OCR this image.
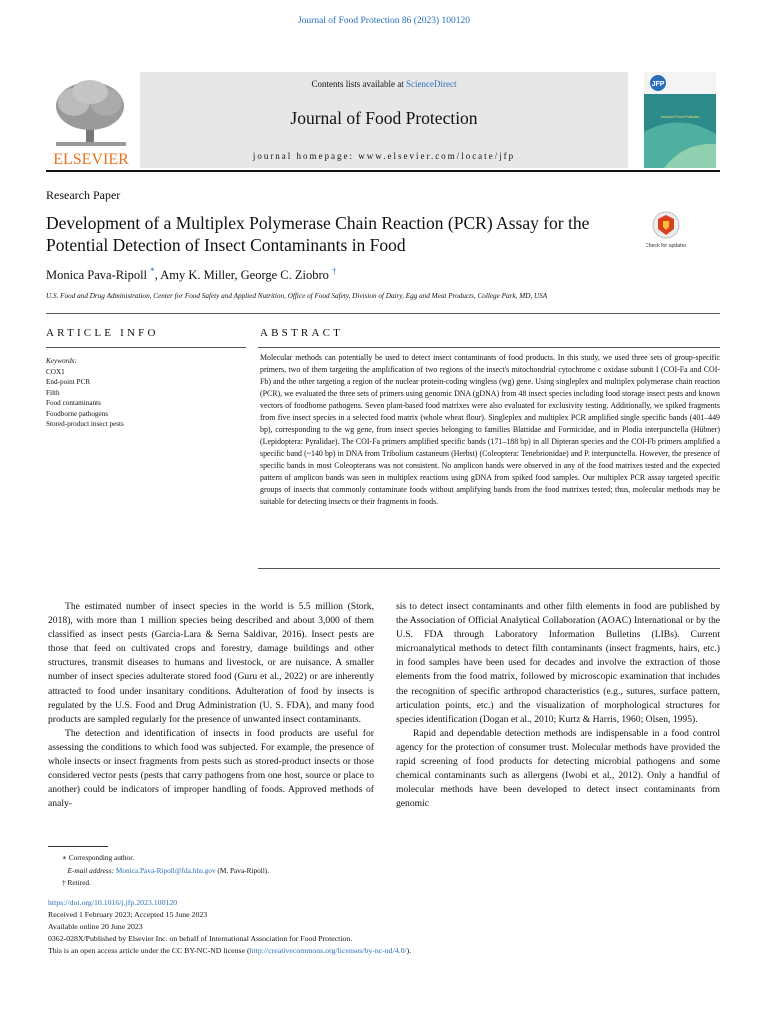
Journal of Food Protection 86 (2023) 100120
ELSEVIER
Contents lists available at ScienceDirect
Journal of Food Protection
journal homepage: www.elsevier.com/locate/jfp
JFP
Journal of Food Protection
Research Paper
Development of a Multiplex Polymerase Chain Reaction (PCR) Assay for the Potential Detection of Insect Contaminants in Food	Check for updates
Monica Pava-Ripoll *, Amy K. Miller, George C. Ziobro †
U.S. Food and Drug Administration, Center for Food Safety and Applied Nutrition, Office of Food Safety, Division of Dairy, Egg and Meat Products, College Park, MD, USA
ARTICLE INFO	ABSTRACT
Keywords:
COX1
End-point PCR
Filth
Food contaminants
Foodborne pathogens
Stored-product insect pests
Molecular methods can potentially be used to detect insect contaminants of food products. In this study, we used three sets of group-specific primers, two of them targeting the amplification of two regions of the insect's mitochondrial cytochrome c oxidase subunit I (COI-Fa and COI-Fb) and the other targeting a region of the nuclear protein-coding wingless (wg) gene. Using singleplex and multiplex polymerase chain reaction (PCR), we evaluated the three sets of primers using genomic DNA (gDNA) from 48 insect species including food storage insect pests and known vectors of foodborne pathogens. Seven plant-based food matrixes were also evaluated for exclusivity testing. Additionally, we spiked fragments from five insect species in a selected food matrix (whole wheat flour). Singleplex and multiplex PCR amplified single specific bands (401–449 bp), corresponding to the wg gene, from insect species belonging to families Blattidae and Formicidae, and in Plodia interpunctella (Hübner) (Lepidoptera: Pyralidae). The COI-Fa primers amplified specific bands (171–188 bp) in all Dipteran species and the COI-Fb primers amplified a specific band (~140 bp) in DNA from Tribolium castaneum (Herbst) (Coleoptera: Tenebrionidae) and P. interpunctella. However, the presence of specific bands in most Coleopterans was not consistent. No amplicon bands were observed in any of the food matrixes tested and the expected pattern of amplicon bands was seen in multiplex reactions using gDNA from spiked food samples. Our multiplex PCR assay targeted specific groups of insects that commonly contaminate foods without amplifying bands from the food matrixes tested; thus, molecular methods may be suitable for detecting insects or their fragments in foods.

The estimated number of insect species in the world is 5.5 million (Stork, 2018), with more than 1 million species being described and about 3,000 of them classified as insect pests (Garcia-Lara & Serna Saldivar, 2016). Insect pests are those that feed on cultivated crops and forestry, damage buildings and other structures, transmit diseases to humans and livestock, or are nuisance. A smaller number of insect species adulterate stored food (Guru et al., 2022) or are inherently attracted to food under insanitary conditions. Adulteration of food by insects is regulated by the U.S. Food and Drug Administration (U. S. FDA), and many food products are sampled regularly for the presence of unwanted insect contaminants.

The detection and identification of insects in food products are useful for assessing the conditions to which food was subjected. For example, the presence of whole insects or insect fragments from pests such as stored-product insects or those considered vector pests (pests that carry pathogens from one host, source or place to another) could be indicators of improper handling of foods. Approved methods of analy-

sis to detect insect contaminants and other filth elements in food are published by the Association of Official Analytical Collaboration (AOAC) International or by the U.S. FDA through Laboratory Information Bulletins (LIBs). Current microanalytical methods to detect filth contaminants (insect fragments, hairs, etc.) in food samples have been used for decades and involve the extraction of those elements from the food matrix, followed by microscopic examination that includes the recognition of specific arthropod characteristics (e.g., sutures, surface pattern, articulation points, etc.) and the visualization of morphological structures for species identification (Dogan et al., 2010; Kurtz & Harris, 1960; Olsen, 1995).

Rapid and dependable detection methods are indispensable in a food control agency for the protection of consumer trust. Molecular methods have provided the rapid screening of food products for detecting microbial pathogens and some chemical contaminants such as allergens (Iwobi et al., 2012). Only a handful of molecular methods have been developed to detect insect contaminants from genomic

∗ Corresponding author.
E-mail address: Monica.Pava-Ripoll@fda.hhs.gov (M. Pava-Ripoll).
† Retired.
https://doi.org/10.1016/j.jfp.2023.100120
Received 1 February 2023; Accepted 15 June 2023
Available online 20 June 2023
0362-028X/Published by Elsevier Inc. on behalf of International Association for Food Protection.
This is an open access article under the CC BY-NC-ND license (http://creativecommons.org/licenses/by-nc-nd/4.0/).
